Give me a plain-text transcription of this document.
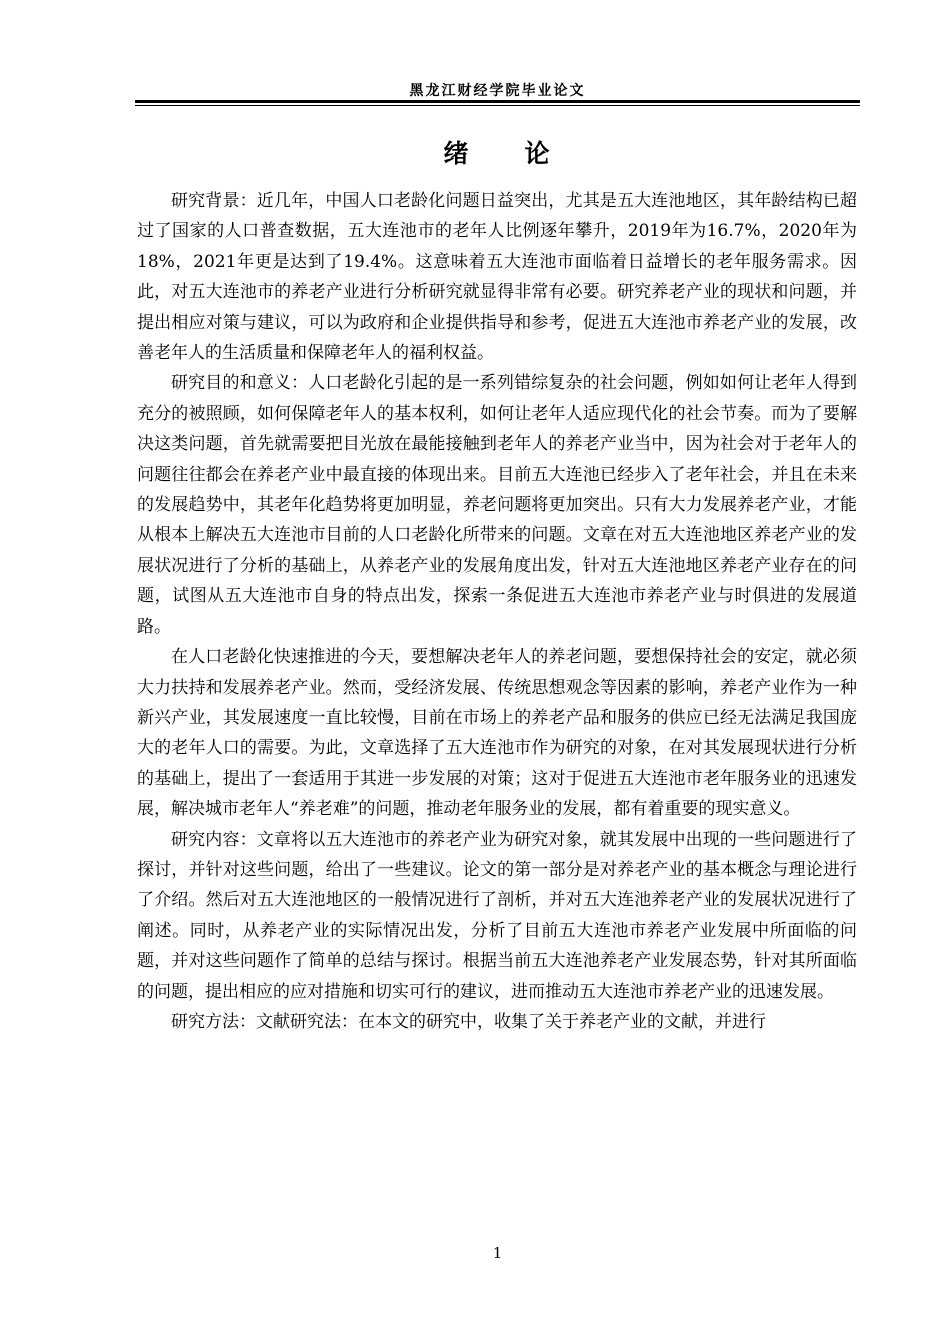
黑龙江财经学院毕业论文
绪　　论

研究背景：近几年，中国人口老龄化问题日益突出，尤其是五大连池地区，其年龄结构已超过了国家的人口普查数据，五大连池市的老年人比例逐年攀升，2019年为16.7%，2020年为18%，2021年更是达到了19.4%。这意味着五大连池市面临着日益增长的老年服务需求。因此，对五大连池市的养老产业进行分析研究就显得非常有必要。研究养老产业的现状和问题，并提出相应对策与建议，可以为政府和企业提供指导和参考，促进五大连池市养老产业的发展，改善老年人的生活质量和保障老年人的福利权益。

研究目的和意义：人口老龄化引起的是一系列错综复杂的社会问题，例如如何让老年人得到充分的被照顾，如何保障老年人的基本权利，如何让老年人适应现代化的社会节奏。而为了要解决这类问题，首先就需要把目光放在最能接触到老年人的养老产业当中，因为社会对于老年人的问题往往都会在养老产业中最直接的体现出来。目前五大连池已经步入了老年社会，并且在未来的发展趋势中，其老年化趋势将更加明显，养老问题将更加突出。只有大力发展养老产业，才能从根本上解决五大连池市目前的人口老龄化所带来的问题。文章在对五大连池地区养老产业的发展状况进行了分析的基础上，从养老产业的发展角度出发，针对五大连池地区养老产业存在的问题，试图从五大连池市自身的特点出发，探索一条促进五大连池市养老产业与时俱进的发展道路。

在人口老龄化快速推进的今天，要想解决老年人的养老问题，要想保持社会的安定，就必须大力扶持和发展养老产业。然而，受经济发展、传统思想观念等因素的影响，养老产业作为一种新兴产业，其发展速度一直比较慢，目前在市场上的养老产品和服务的供应已经无法满足我国庞大的老年人口的需要。为此，文章选择了五大连池市作为研究的对象，在对其发展现状进行分析的基础上，提出了一套适用于其进一步发展的对策；这对于促进五大连池市老年服务业的迅速发展，解决城市老年人“养老难”的问题，推动老年服务业的发展，都有着重要的现实意义。

研究内容：文章将以五大连池市的养老产业为研究对象，就其发展中出现的一些问题进行了探讨，并针对这些问题，给出了一些建议。论文的第一部分是对养老产业的基本概念与理论进行了介绍。然后对五大连池地区的一般情况进行了剖析，并对五大连池养老产业的发展状况进行了阐述。同时，从养老产业的实际情况出发，分析了目前五大连池市养老产业发展中所面临的问题，并对这些问题作了简单的总结与探讨。根据当前五大连池养老产业发展态势，针对其所面临的问题，提出相应的应对措施和切实可行的建议，进而推动五大连池市养老产业的迅速发展。

研究方法：文献研究法：在本文的研究中，收集了关于养老产业的文献，并进行

1
